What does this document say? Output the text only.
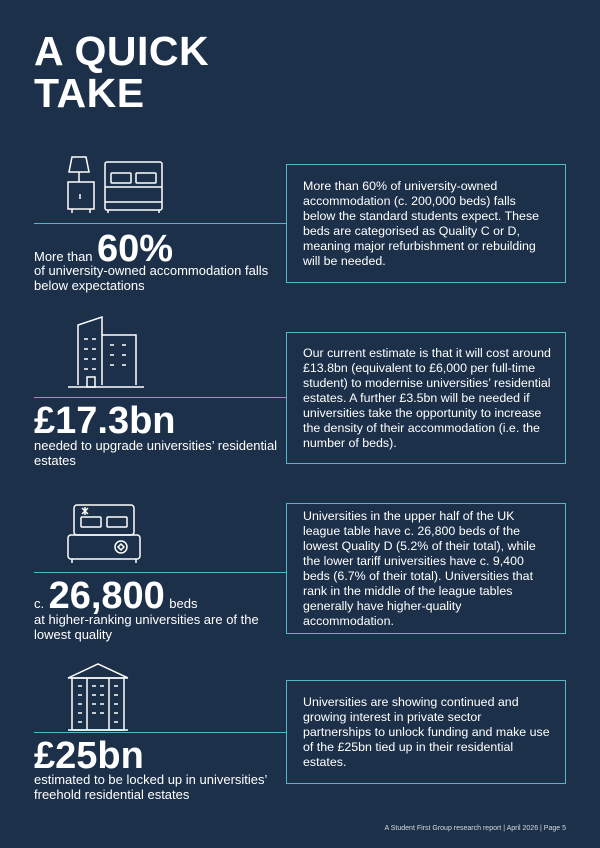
A QUICK
TAKE
More than 60% of university-owned accommodation (c. 200,000 beds) falls below the standard students expect. These beds are categorised as Quality C or D, meaning major refurbishment or rebuilding will be needed.
More than 60%
of university-owned accommodation falls below expectations
Our current estimate is that it will cost around £13.8bn (equivalent to £6,000 per full-time student) to modernise universities’ residential estates. A further £3.5bn will be needed if universities take the opportunity to increase the density of their accommodation (i.e. the number of beds).
£17.3bn
needed to upgrade universities’ residential estates
Universities in the upper half of the UK league table have c. 26,800 beds of the lowest Quality D (5.2% of their total), while the lower tariff universities have c. 9,400 beds (6.7% of their total). Universities that rank in the middle of the league tables generally have higher-quality accommodation.
c. 26,800 beds
at higher-ranking universities are of the lowest quality
Universities are showing continued and growing interest in private sector partnerships to unlock funding and make use of the £25bn tied up in their residential estates.
£25bn
estimated to be locked up in universities’ freehold residential estates
A Student First Group research report | April 2026 | Page 5
